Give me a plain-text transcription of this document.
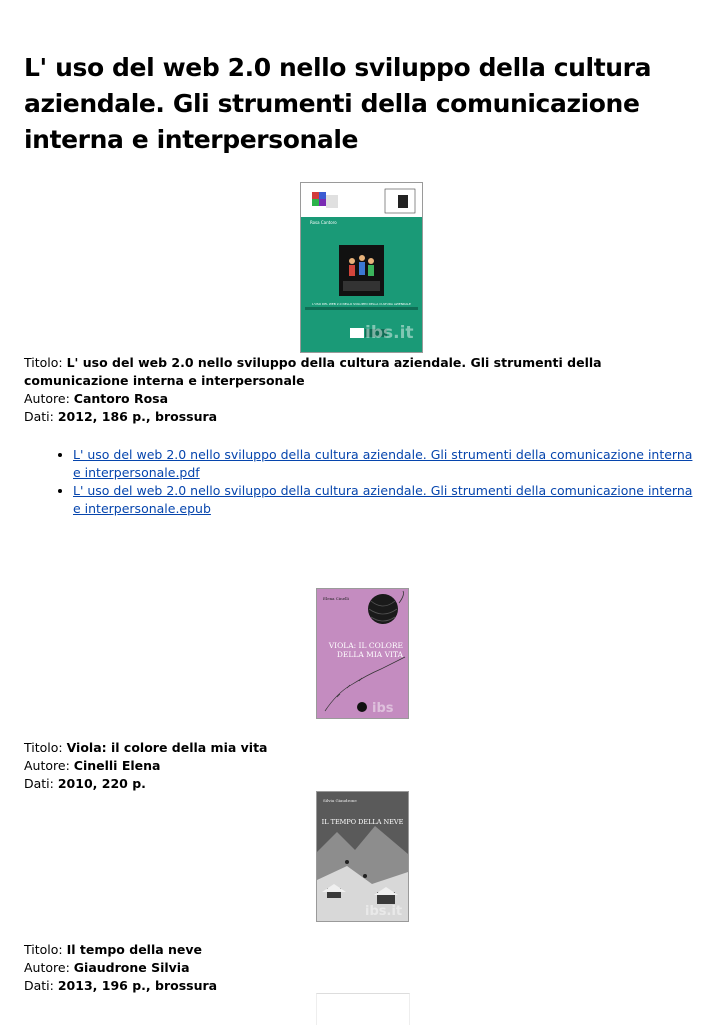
L' uso del web 2.0 nello sviluppo della cultura aziendale. Gli strumenti della comunicazione interna e interpersonale
Rosa Cantoro
L'USO DEL WEB 2.0 NELLO SVILUPPO DELLA CULTURA AZIENDALE
ibs.it
Titolo: L' uso del web 2.0 nello sviluppo della cultura aziendale. Gli strumenti della comunicazione interna e interpersonale
Autore: Cantoro Rosa
Dati: 2012, 186 p., brossura
• L' uso del web 2.0 nello sviluppo della cultura aziendale. Gli strumenti della comunicazione interna e interpersonale.pdf
• L' uso del web 2.0 nello sviluppo della cultura aziendale. Gli strumenti della comunicazione interna e interpersonale.epub
Elena Cinelli
VIOLA: IL COLORE
DELLA MIA VITA
ibs
Titolo: Viola: il colore della mia vita
Autore: Cinelli Elena
Dati: 2010, 220 p.
Silvia Giaudrone
IL TEMPO DELLA NEVE
ibs.it
Titolo: Il tempo della neve
Autore: Giaudrone Silvia
Dati: 2013, 196 p., brossura
